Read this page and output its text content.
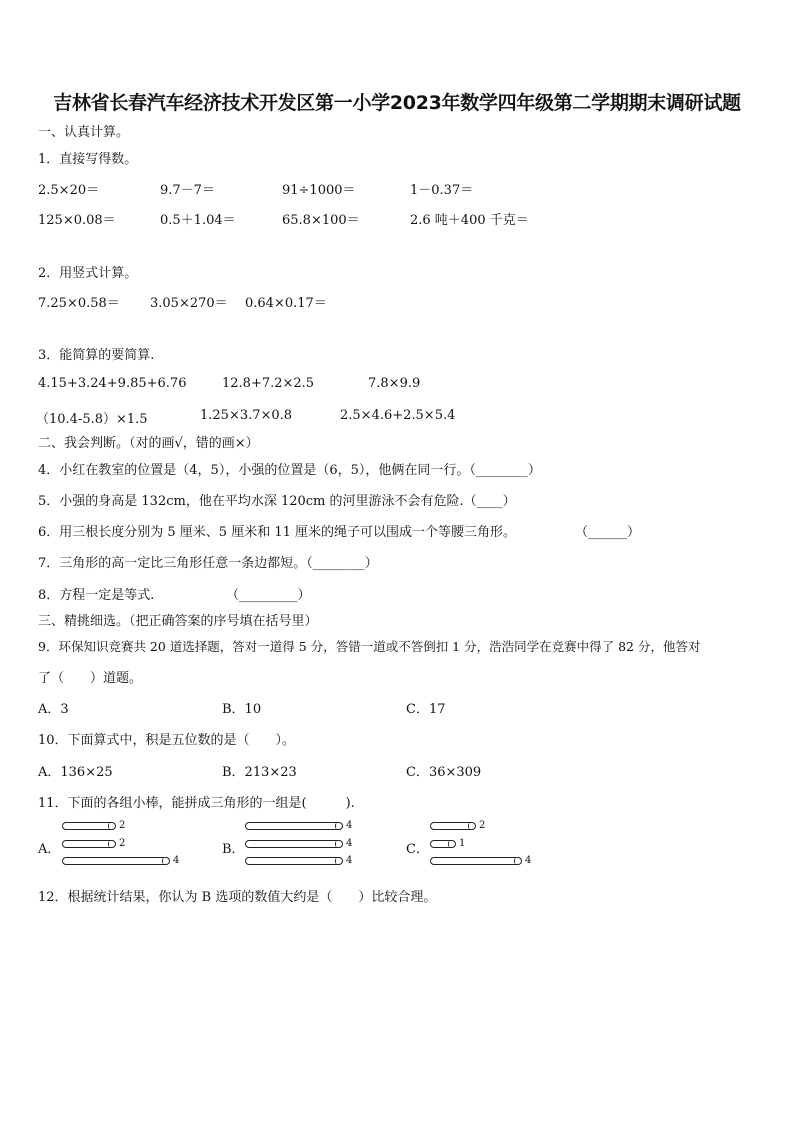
吉林省长春汽车经济技术开发区第一小学2023年数学四年级第二学期期末调研试题
一、认真计算。
1．直接写得数。
2.5×20＝	9.7－7＝	91÷1000＝	1－0.37＝
125×0.08＝	0.5＋1.04＝	65.8×100＝	2.6 吨＋400 千克＝
2．用竖式计算。
7.25×0.58＝ 3.05×270＝ 0.64×0.17＝
3．能简算的要简算.
4.15+3.24+9.85+6.76	12.8+7.2×2.5	7.8×9.9
（10.4-5.8）×1.5	1.25×3.7×0.8	2.5×4.6+2.5×5.4
二、我会判断。（对的画√，错的画×）
4．小红在教室的位置是（4，5），小强的位置是（6，5），他俩在同一行。（________）
5．小强的身高是 132cm，他在平均水深 120cm 的河里游泳不会有危险.（____）
6．用三根长度分别为 5 厘米、5 厘米和 11 厘米的绳子可以围成一个等腰三角形。	（______）
7．三角形的高一定比三角形任意一条边都短。（________）
8．方程一定是等式.	（_________）
三、精挑细选。（把正确答案的序号填在括号里）
9．环保知识竞赛共 20 道选择题，答对一道得 5 分，答错一道或不答倒扣 1 分，浩浩同学在竞赛中得了 82 分，他答对
了（　　）道题。
A．3	B．10	C．17
10．下面算式中，积是五位数的是（　　）。
A．136×25	B．213×23	C．36×309
11．下面的各组小棒，能拼成三角形的一组是(　　　).
A．
2
2
4
B．
4
4
4
C．
2
1
4
12．根据统计结果，你认为 B 选项的数值大约是（　　）比较合理。
